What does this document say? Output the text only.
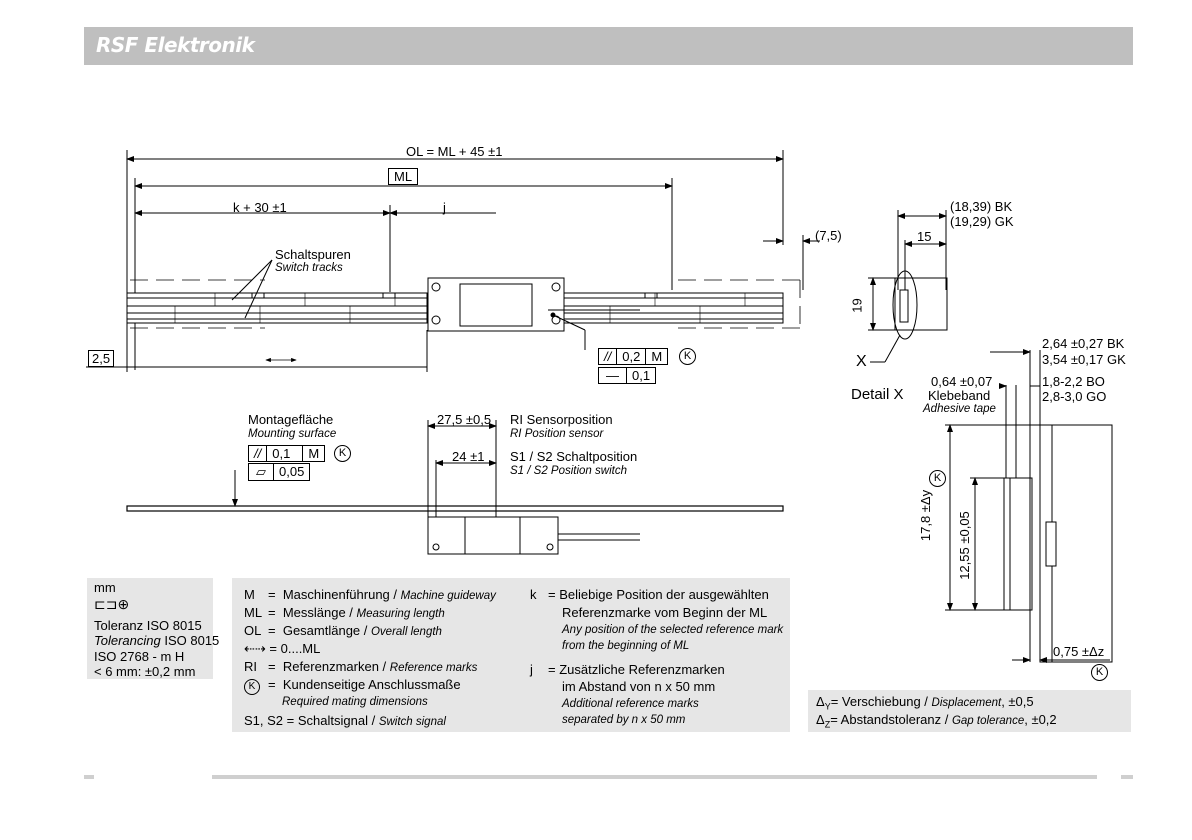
RSF Elektronik
OL = ML + 45 ±1
ML
k + 30 ±1	j
(7,5)
Schaltspuren
Switch tracks
2,5	// 0,2 M	K
—	0,1
Montagefläche
Mounting surface
// 0,1	M	K
▱	0,05
27,5 ±0,5
24 ±1
RI Sensorposition
RI Position sensor
S1 / S2 Schaltposition
S1 / S2 Position switch
(18,39) BK
(19,29) GK
15
19
X
Detail X
2,64 ±0,27 BK
3,54 ±0,17 GK
0,64 ±0,07
Klebeband
Adhesive tape
1,8-2,2 BO
2,8-3,0 GO
K
17,8 ±Δy 12,55 ±0,05
0,75 ±Δz
K
mm
⊏⊐⊕
Toleranz ISO 8015
Tolerancing ISO 8015
ISO 2768 - m H
< 6 mm: ±0,2 mm
M = Maschinenführung / Machine guideway
ML = Messlänge / Measuring length
OL = Gesamtlänge / Overall length
⇠⇢ = 0....ML
RI = Referenzmarken / Reference marks
K = Kundenseitige Anschlussmaße
Required mating dimensions
S1, S2 = Schaltsignal / Switch signal
k = Beliebige Position der ausgewählten
Referenzmarke vom Beginn der ML
Any position of the selected reference mark
from the beginning of ML
j = Zusätzliche Referenzmarken
im Abstand von n x 50 mm
Additional reference marks
separated by n x 50 mm
$\Delta_Y=$ Verschiebung / Displacement, ±0,5
$\Delta_Z=$ Abstandstoleranz / Gap tolerance, ±0,2
